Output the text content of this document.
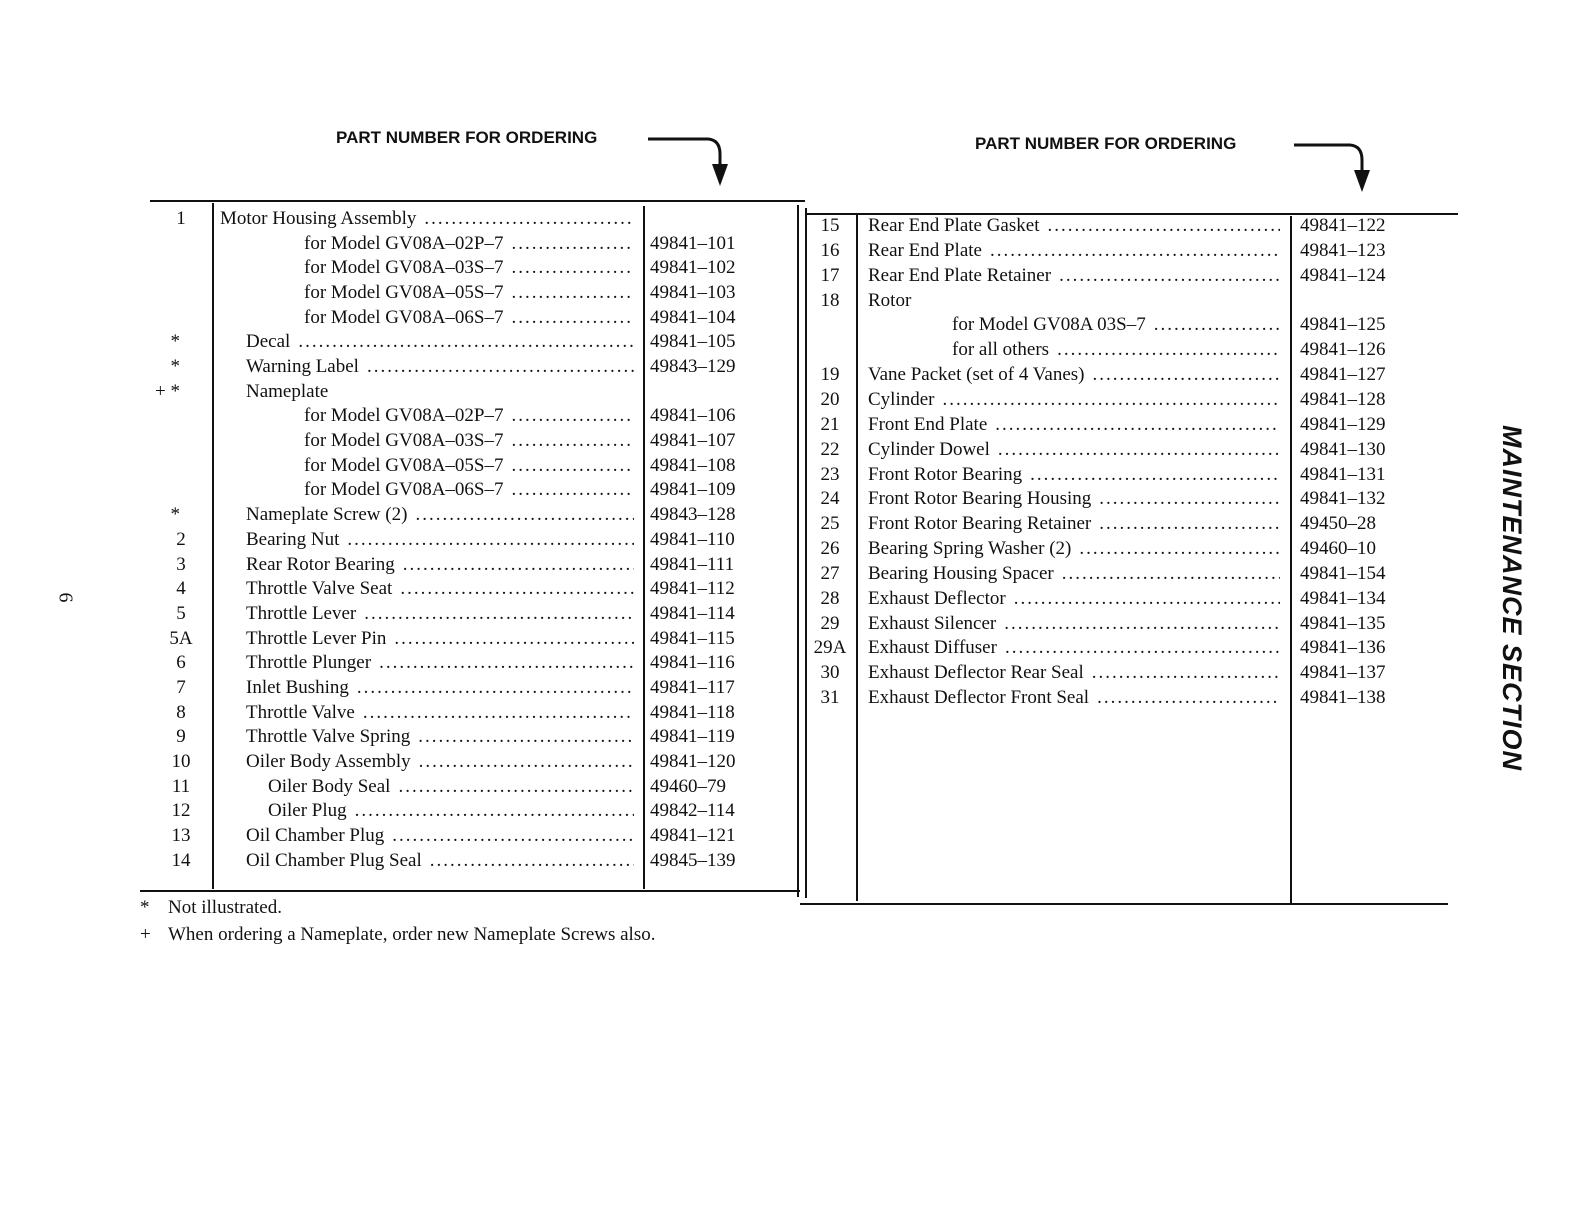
PART NUMBER FOR ORDERING	PART NUMBER FOR ORDERING
1	Motor Housing Assembly
.....
for Model GV08A–02P–7 .....	49841–101
for Model GV08A–03S–7 .....	49841–102
for Model GV08A–05S–7 .....	49841–103
for Model GV08A–06S–7 .....	49841–104
*	Decal .....	49841–105
*	Warning Label .....	49843–129
+ *	Nameplate
for Model GV08A–02P–7 .....	49841–106
for Model GV08A–03S–7 .....	49841–107
for Model GV08A–05S–7 .....	49841–108
for Model GV08A–06S–7 .....	49841–109
*	Nameplate Screw (2) .....	49843–128
2	Bearing Nut .....	49841–110
3	Rear Rotor Bearing .....	49841–111
4	Throttle Valve Seat .....	49841–112
5	Throttle Lever .....	49841–114
5A	Throttle Lever Pin .....	49841–115
6	Throttle Plunger .....	49841–116
7	Inlet Bushing .....	49841–117
8	Throttle Valve .....	49841–118
9	Throttle Valve Spring .....	49841–119
10	Oiler Body Assembly .....	49841–120
11	Oiler Body Seal .....	49460–79
12	Oiler Plug .....	49842–114
13	Oil Chamber Plug .....	49841–121
14	Oil Chamber Plug Seal .....	49845–139
15	Rear End Plate Gasket .....	49841–122
16	Rear End Plate .....	49841–123
17	Rear End Plate Retainer .....	49841–124
18	Rotor
for Model GV08A 03S–7 .....	49841–125
for all others .....	49841–126
19	Vane Packet (set of 4 Vanes) .....	49841–127
20	Cylinder .....	49841–128
21	Front End Plate .....	49841–129
22	Cylinder Dowel .....	49841–130
23	Front Rotor Bearing .....	49841–131
24	Front Rotor Bearing Housing .....	49841–132
25	Front Rotor Bearing Retainer .....	49450–28
26	Bearing Spring Washer (2) .....	49460–10
27	Bearing Housing Spacer .....	49841–154
28	Exhaust Deflector .....	49841–134
29	Exhaust Silencer .....	49841–135
29A Exhaust Diffuser .....	49841–136
30	Exhaust Deflector Rear Seal .....	49841–137
31	Exhaust Deflector Front Seal .....	49841–138
* Not illustrated.
+ When ordering a Nameplate, order new Nameplate Screws also.
MAINTENANCE SECTION
6
